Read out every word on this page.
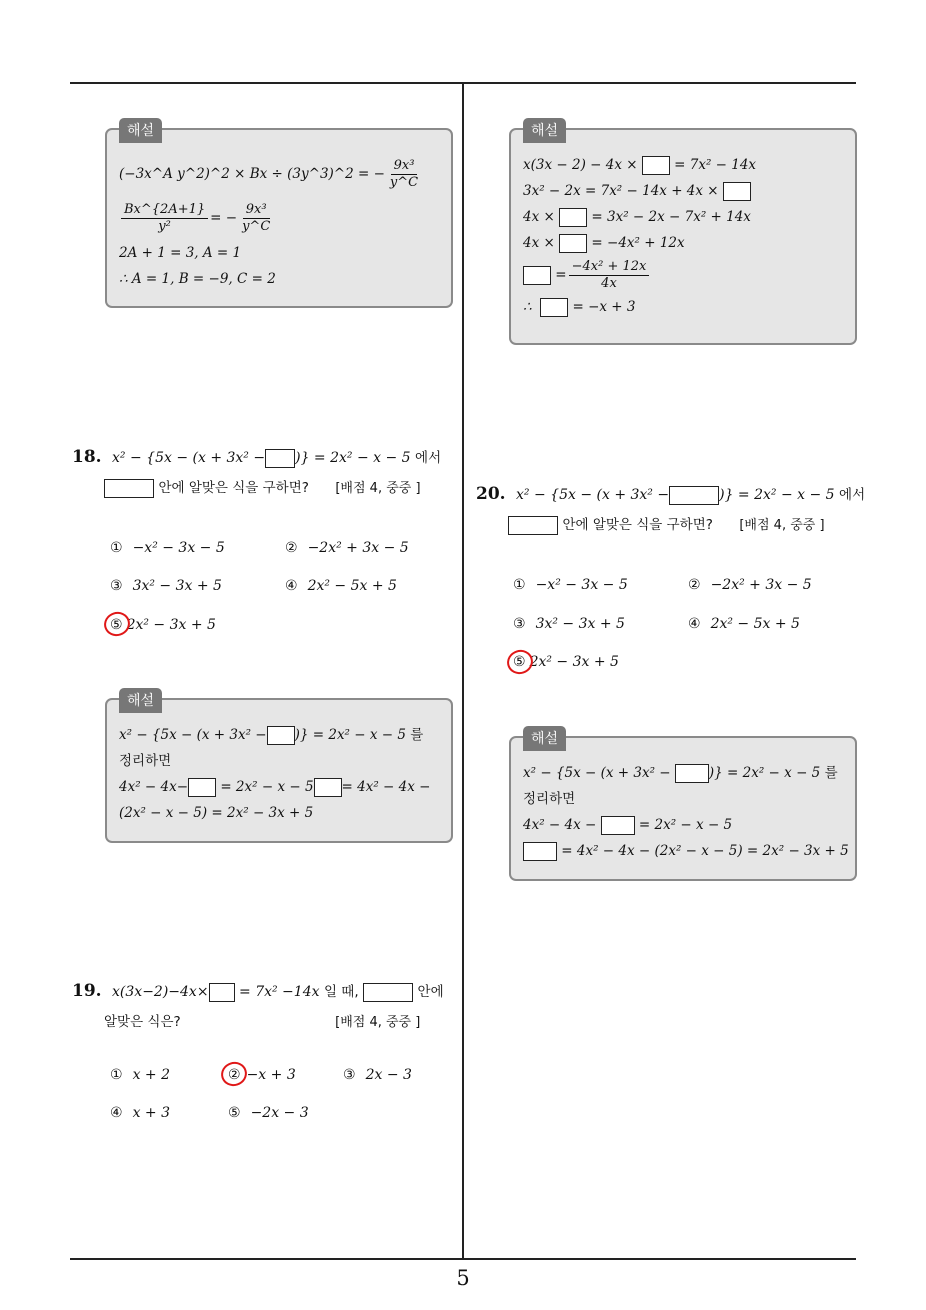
해설
(−3x^A y^2)^2 × Bx ÷ (3y^3)^2 = − $\frac{\text{9x³}}{y\^{}C}$
$\frac{Bx\^{}\{2A+1\}}{\text{y²}}$ = − $\frac{\text{9x³}}{y\^{}C}$
2A + 1 = 3, A = 1
∴ A = 1, B = −9, C = 2
해설
x(3x − 2) − 4x ×	= 7x² − 14x
3x² − 2x = 7x² − 14x + 4x ×
4x ×	= 3x² − 2x − 7x² + 14x
4x ×	= −4x² + 12x

= $\frac{\text{−4x² + 12x}}{4x}$
∴	= −x + 3
18. x² − {5x − (x + 3x² − )} = 2x² − x − 5 에서
안에 알맞은 식을 구하면? [배점 4, 중중 ]
① −x² − 3x − 5	② −2x² + 3x − 5
③ 3x² − 3x + 5	④ 2x² − 5x + 5
⑤ 2x² − 3x + 5
해설
x² − {5x − (x + 3x² − )} = 2x² − x − 5 를
정리하면
4x² − 4x− = 2x² − x − 5 = 4x² − 4x −
(2x² − x − 5) = 2x² − 3x + 5
19. x(3x−2)−4x× = 7x² −14x 일 때,	안에
알맞은 식은?	[배점 4, 중중 ]
① x + 2	② −x + 3	③ 2x − 3
④ x + 3	⑤ −2x − 3
20. x² − {5x − (x + 3x² −	)} = 2x² − x − 5 에서
안에 알맞은 식을 구하면? [배점 4, 중중 ]
① −x² − 3x − 5	② −2x² + 3x − 5
③ 3x² − 3x + 5	④ 2x² − 5x + 5
⑤ 2x² − 3x + 5
해설
x² − {5x − (x + 3x² −	)} = 2x² − x − 5 를
정리하면
4x² − 4x −	= 2x² − x − 5
= 4x² − 4x − (2x² − x − 5) = 2x² − 3x + 5
5
